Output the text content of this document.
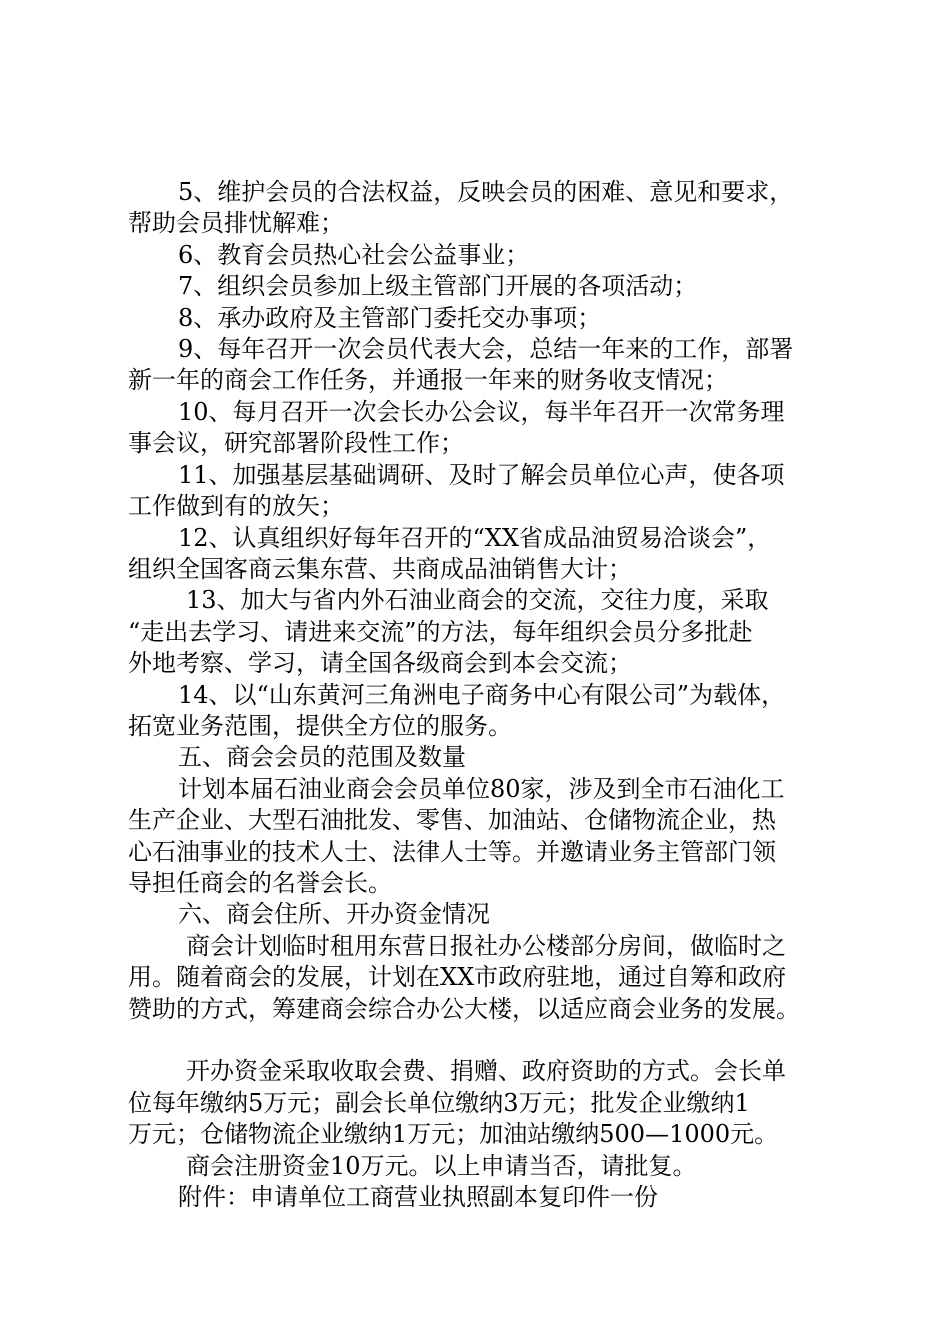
5、维护会员的合法权益，反映会员的困难、意见和要求，
帮助会员排忧解难；
6、教育会员热心社会公益事业；
7、组织会员参加上级主管部门开展的各项活动；
8、承办政府及主管部门委托交办事项；
9、每年召开一次会员代表大会，总结一年来的工作，部署
新一年的商会工作任务，并通报一年来的财务收支情况；
10、每月召开一次会长办公会议，每半年召开一次常务理
事会议，研究部署阶段性工作；
11、加强基层基础调研、及时了解会员单位心声，使各项
工作做到有的放矢；
12、认真组织好每年召开的“XX省成品油贸易洽谈会”，
组织全国客商云集东营、共商成品油销售大计；
13、加大与省内外石油业商会的交流，交往力度，采取
“走出去学习、请进来交流”的方法，每年组织会员分多批赴
外地考察、学习，请全国各级商会到本会交流；
14、以“山东黄河三角洲电子商务中心有限公司”为载体，
拓宽业务范围，提供全方位的服务。
五、商会会员的范围及数量
计划本届石油业商会会员单位80家，涉及到全市石油化工
生产企业、大型石油批发、零售、加油站、仓储物流企业，热
心石油事业的技术人士、法律人士等。并邀请业务主管部门领
导担任商会的名誉会长。
六、商会住所、开办资金情况
商会计划临时租用东营日报社办公楼部分房间，做临时之
用。随着商会的发展，计划在XX市政府驻地，通过自筹和政府
赞助的方式，筹建商会综合办公大楼，以适应商会业务的发展。
开办资金采取收取会费、捐赠、政府资助的方式。会长单
位每年缴纳5万元；副会长单位缴纳3万元；批发企业缴纳1
万元；仓储物流企业缴纳1万元；加油站缴纳500—1000元。
商会注册资金10万元。以上申请当否，请批复。
附件：申请单位工商营业执照副本复印件一份
